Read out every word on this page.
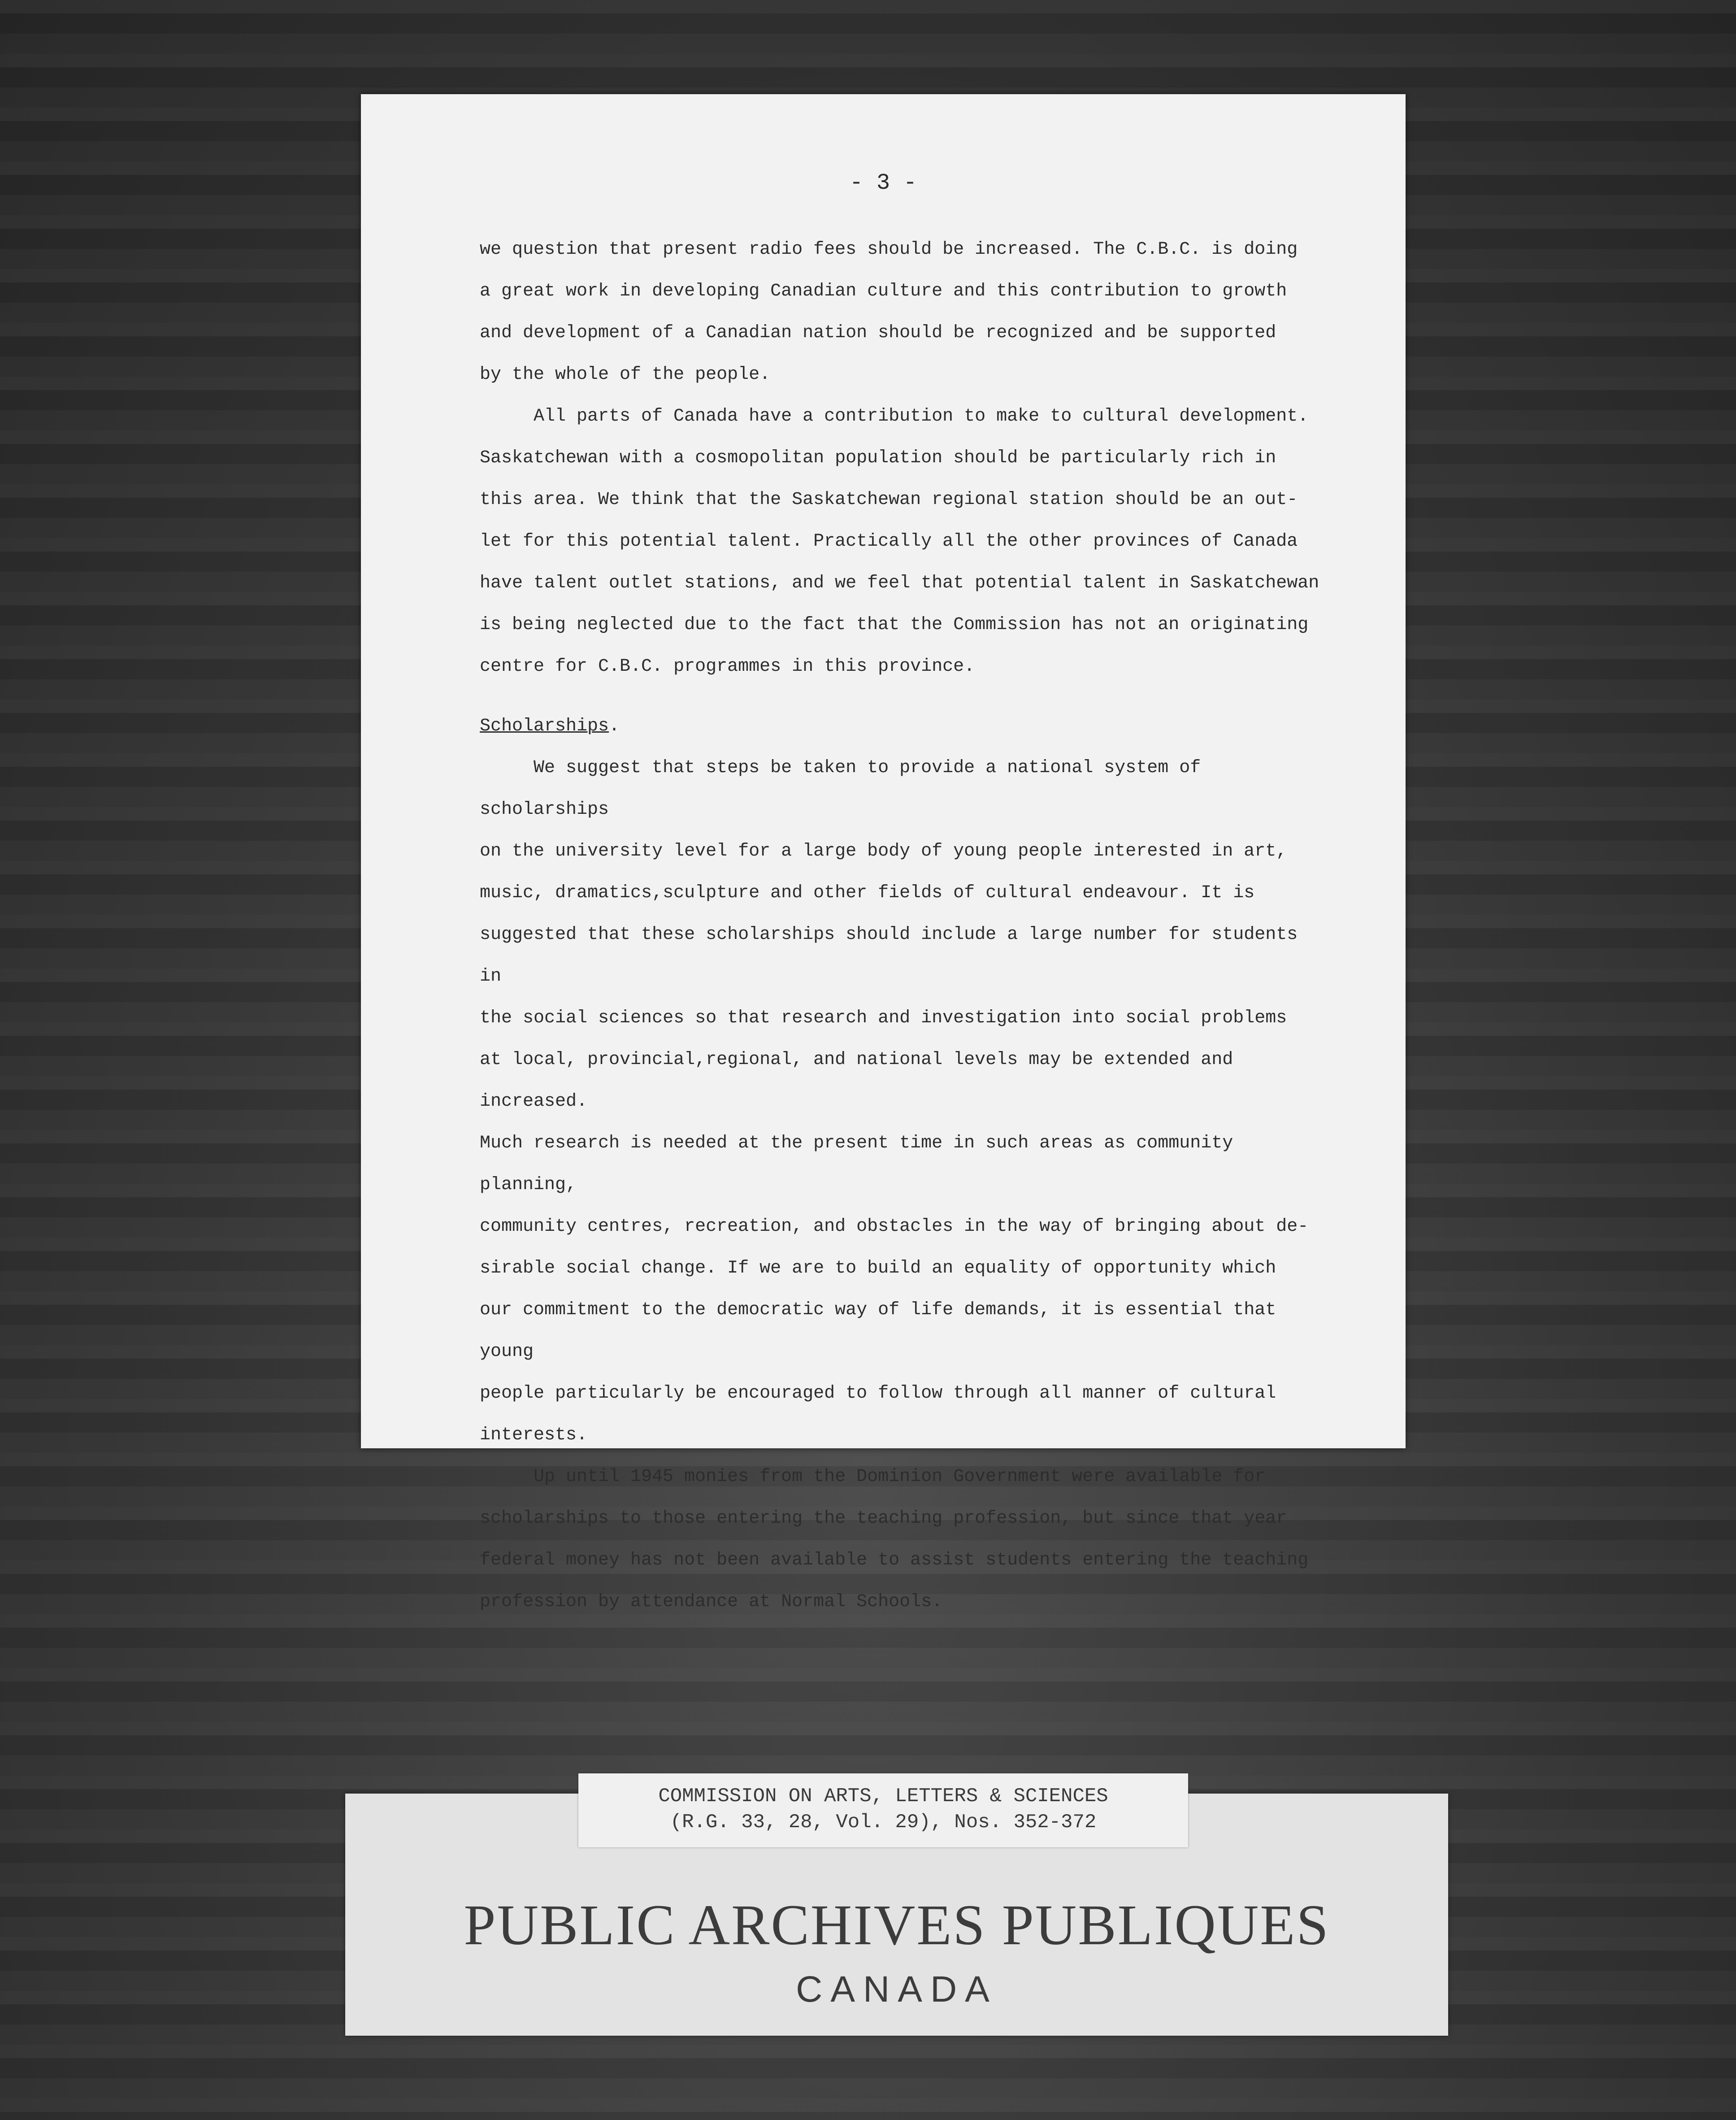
- 3 -

we question that present radio fees should be increased. The C.B.C. is doing
a great work in developing Canadian culture and this contribution to growth
and development of a Canadian nation should be recognized and be supported
by the whole of the people.

All parts of Canada have a contribution to make to cultural development.
Saskatchewan with a cosmopolitan population should be particularly rich in
this area. We think that the Saskatchewan regional station should be an out-
let for this potential talent. Practically all the other provinces of Canada
have talent outlet stations, and we feel that potential talent in Saskatchewan
is being neglected due to the fact that the Commission has not an originating
centre for C.B.C. programmes in this province.

Scholarships.

We suggest that steps be taken to provide a national system of scholarships
on the university level for a large body of young people interested in art,
music, dramatics,sculpture and other fields of cultural endeavour. It is
suggested that these scholarships should include a large number for students in
the social sciences so that research and investigation into social problems
at local, provincial,regional, and national levels may be extended and increased.
Much research is needed at the present time in such areas as community planning,
community centres, recreation, and obstacles in the way of bringing about de-
sirable social change. If we are to build an equality of opportunity which
our commitment to the democratic way of life demands, it is essential that young
people particularly be encouraged to follow through all manner of cultural
interests.

Up until 1945 monies from the Dominion Government were available for
scholarships to those entering the teaching profession, but since that year
federal money has not been available to assist students entering the teaching
profession by attendance at Normal Schools.

COMMISSION ON ARTS, LETTERS & SCIENCES
(R.G. 33, 28, Vol. 29), Nos. 352-372
PUBLIC ARCHIVES PUBLIQUES
CANADA
